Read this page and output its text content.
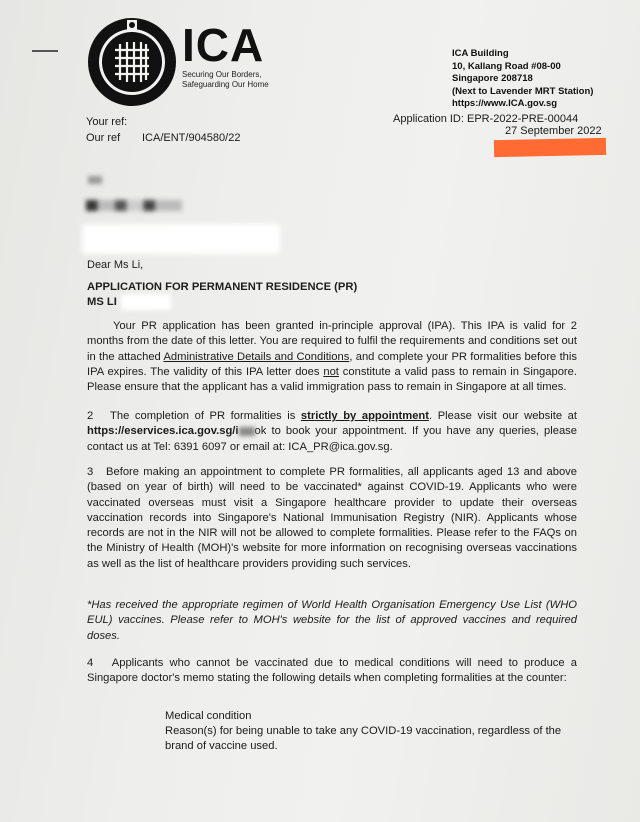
ICA
Securing Our Borders,
Safeguarding Our Home
ICA Building
10, Kallang Road #08-00
Singapore 208718
(Next to Lavender MRT Station)
https://www.ICA.gov.sg
Your ref:
Our ref ICA/ENT/904580/22
Application ID: EPR-2022-PRE-00044
27 September 2022
Dear Ms Li,
APPLICATION FOR PERMANENT RESIDENCE (PR)
MS LI
Your PR application has been granted in-principle approval (IPA). This IPA is valid for 2 months from the date of this letter. You are required to fulfil the requirements and conditions set out in the attached Administrative Details and Conditions, and complete your PR formalities before this IPA expires. The validity of this IPA letter does not constitute a valid pass to remain in Singapore. Please ensure that the applicant has a valid immigration pass to remain in Singapore at all times.
2 The completion of PR formalities is strictly by appointment. Please visit our website at https://eservices.ica.gov.sg/i ok to book your appointment. If you have any queries, please contact us at Tel: 6391 6097 or email at: ICA_PR@ica.gov.sg.
3 Before making an appointment to complete PR formalities, all applicants aged 13 and above (based on year of birth) will need to be vaccinated* against COVID-19. Applicants who were vaccinated overseas must visit a Singapore healthcare provider to update their overseas vaccination records into Singapore's National Immunisation Registry (NIR). Applicants whose records are not in the NIR will not be allowed to complete formalities. Please refer to the FAQs on the Ministry of Health (MOH)'s website for more information on recognising overseas vaccinations as well as the list of healthcare providers providing such services.
*Has received the appropriate regimen of World Health Organisation Emergency Use List (WHO EUL) vaccines. Please refer to MOH's website for the list of approved vaccines and required doses.
4 Applicants who cannot be vaccinated due to medical conditions will need to produce a Singapore doctor's memo stating the following details when completing formalities at the counter:
Medical condition
Reason(s) for being unable to take any COVID-19 vaccination, regardless of the brand of vaccine used.
